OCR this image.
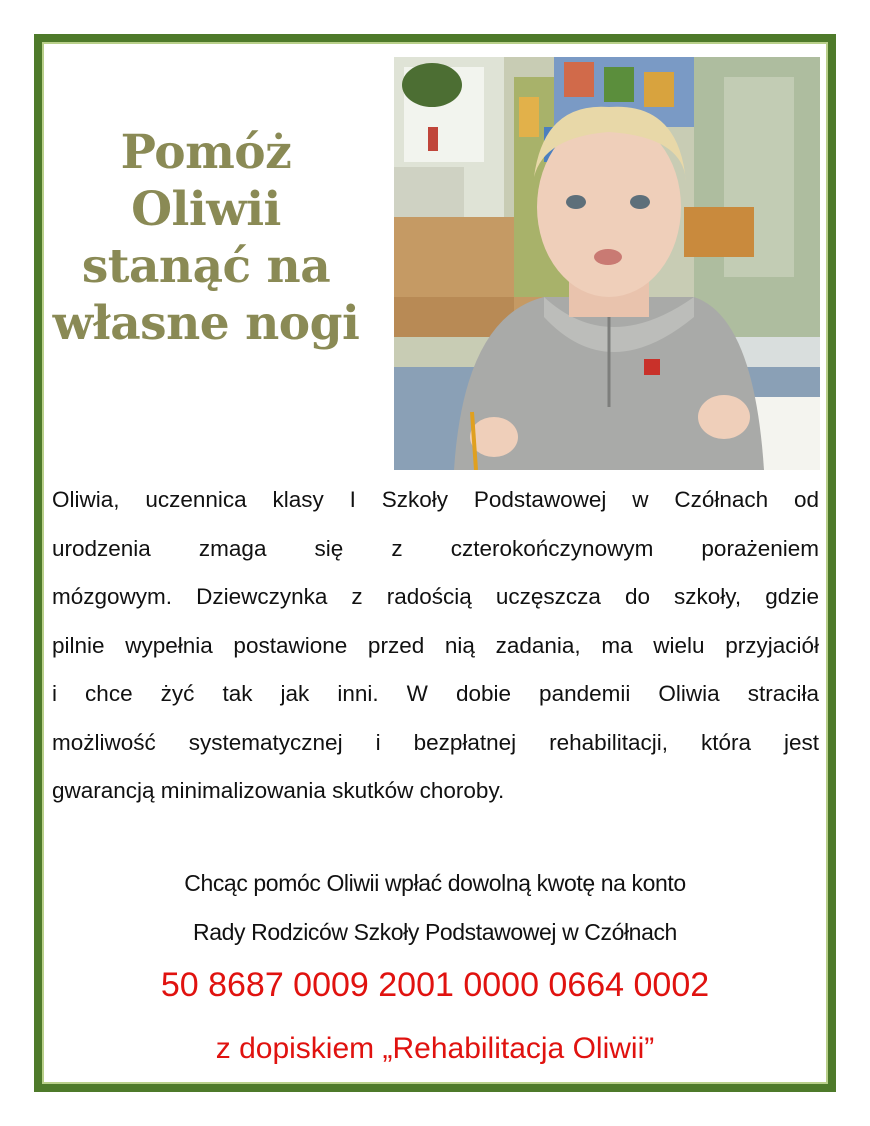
Pomóż
Oliwii
stanąć na
własne nogi
Oliwia, uczennica klasy I Szkoły Podstawowej w Czółnach od
urodzenia zmaga się z czterokończynowym porażeniem
mózgowym. Dziewczynka z radością uczęszcza do szkoły, gdzie
pilnie wypełnia postawione przed nią zadania, ma wielu przyjaciół
i chce żyć tak jak inni. W dobie pandemii Oliwia straciła
możliwość systematycznej i bezpłatnej rehabilitacji, która jest
gwarancją minimalizowania skutków choroby.
Chcąc pomóc Oliwii wpłać dowolną kwotę na konto
Rady Rodziców Szkoły Podstawowej w Czółnach
50 8687 0009 2001 0000 0664 0002
z dopiskiem „Rehabilitacja Oliwii”
